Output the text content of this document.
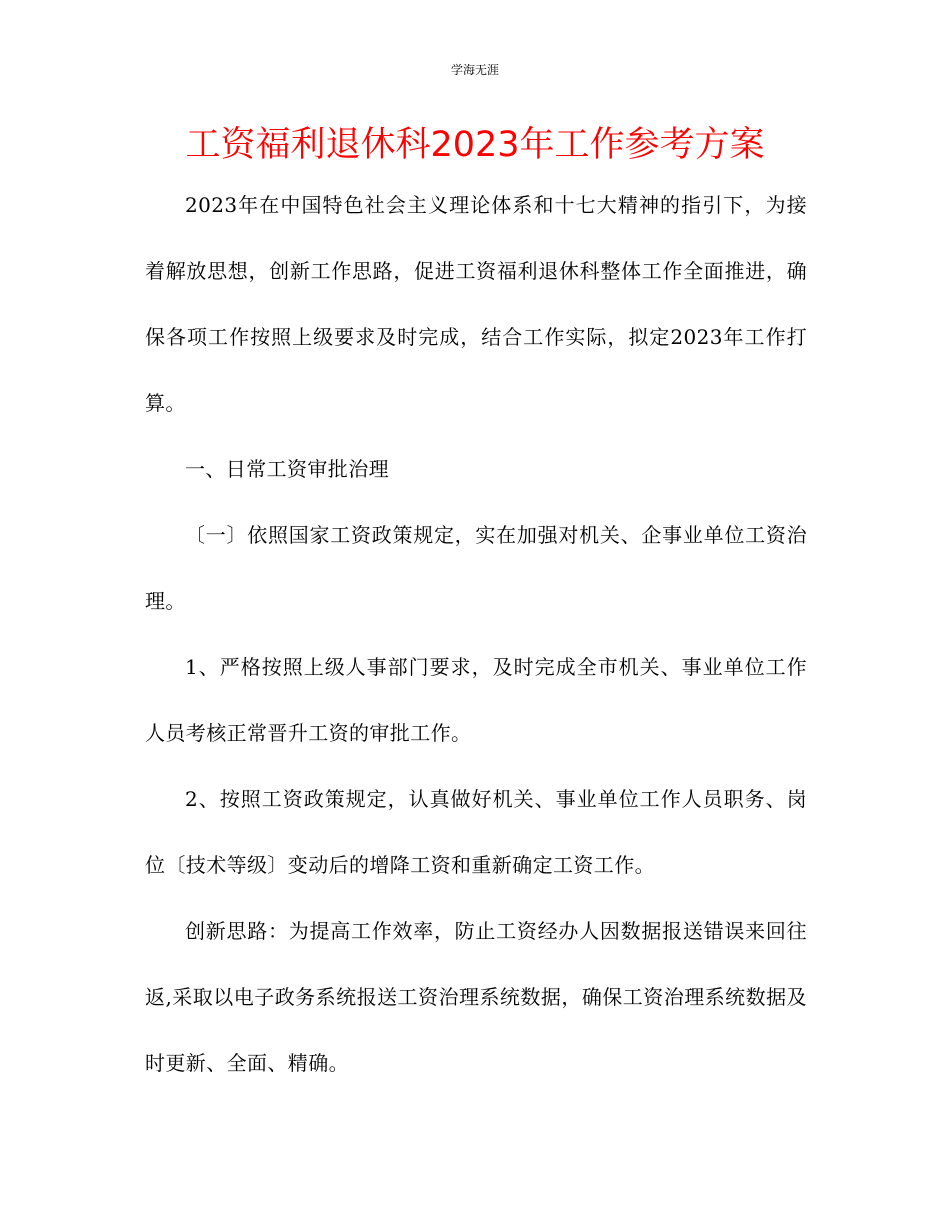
学海无涯
工资福利退休科2023年工作参考方案

2023年在中国特色社会主义理论体系和十七大精神的指引下，为接着解放思想，创新工作思路，促进工资福利退休科整体工作全面推进，确保各项工作按照上级要求及时完成，结合工作实际，拟定2023年工作打算。

一、日常工资审批治理

〔一〕依照国家工资政策规定，实在加强对机关、企事业单位工资治理。

1、严格按照上级人事部门要求，及时完成全市机关、事业单位工作人员考核正常晋升工资的审批工作。

2、按照工资政策规定，认真做好机关、事业单位工作人员职务、岗位〔技术等级〕变动后的增降工资和重新确定工资工作。

创新思路：为提高工作效率，防止工资经办人因数据报送错误来回往返,采取以电子政务系统报送工资治理系统数据，确保工资治理系统数据及时更新、全面、精确。
